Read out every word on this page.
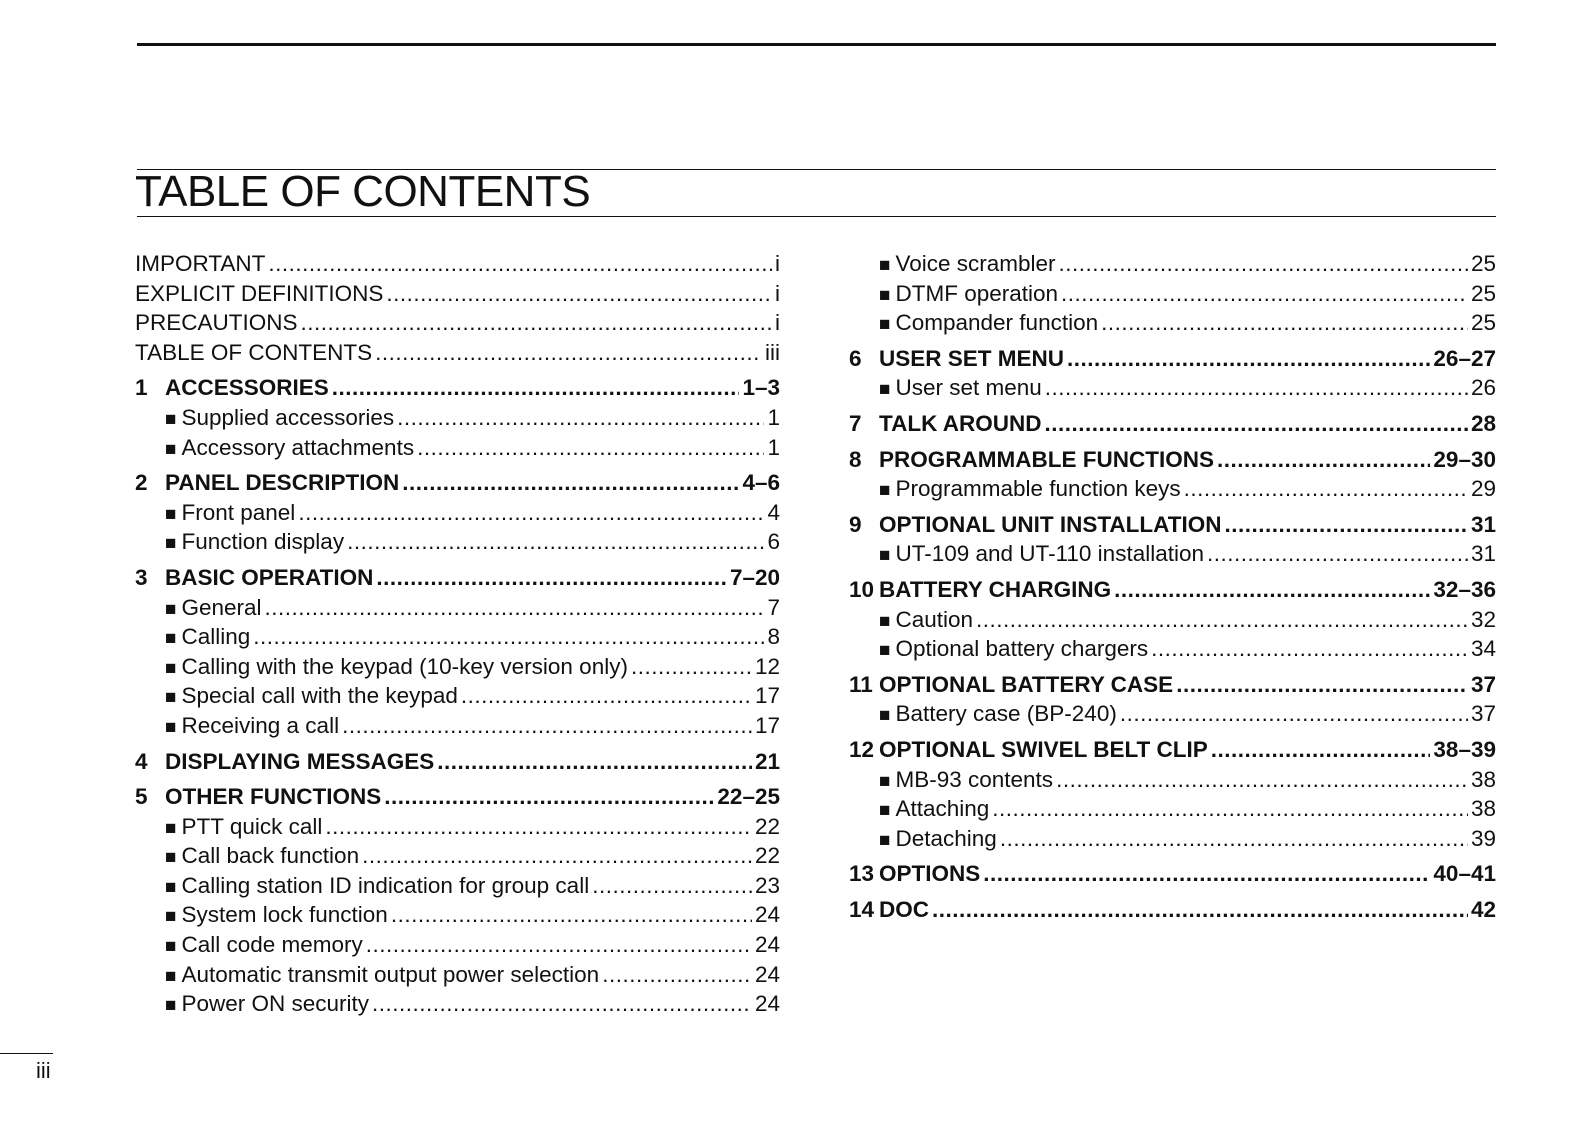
TABLE OF CONTENTS
IMPORTANT .....	i
EXPLICIT DEFINITIONS .....	i
PRECAUTIONS .....	i
TABLE OF CONTENTS .....	iii
1 ACCESSORIES .....	1–3
■ Supplied accessories .....	1
■ Accessory attachments .....	1
2 PANEL DESCRIPTION .....	4–6
■ Front panel .....	4
■ Function display .....	6
3 BASIC OPERATION .....	7–20
■ General .....	7
■ Calling .....	8
■ Calling with the keypad (10-key version only) .....	12
■ Special call with the keypad .....	17
■ Receiving a call .....	17
4 DISPLAYING MESSAGES .....	21
5 OTHER FUNCTIONS .....	22–25
■ PTT quick call .....	22
■ Call back function .....	22
■ Calling station ID indication for group call .....	23
■ System lock function .....	24
■ Call code memory .....	24
■ Automatic transmit output power selection .....	24
■ Power ON security .....	24
■ Voice scrambler .....	25
■ DTMF operation .....	25
■ Compander function .....	25
6 USER SET MENU .....	26–27
■ User set menu .....	26
7 TALK AROUND .....	28
8 PROGRAMMABLE FUNCTIONS .....	29–30
■ Programmable function keys .....	29
9 OPTIONAL UNIT INSTALLATION .....	31
■ UT-109 and UT-110 installation .....	31
10 BATTERY CHARGING .....	32–36
■ Caution .....	32
■ Optional battery chargers .....	34
11 OPTIONAL BATTERY CASE .....	37
■ Battery case (BP-240) .....	37
12 OPTIONAL SWIVEL BELT CLIP .....	38–39
■ MB-93 contents .....	38
■ Attaching .....	38
■ Detaching .....	39
13 OPTIONS .....	40–41
14 DOC .....	42
iii
